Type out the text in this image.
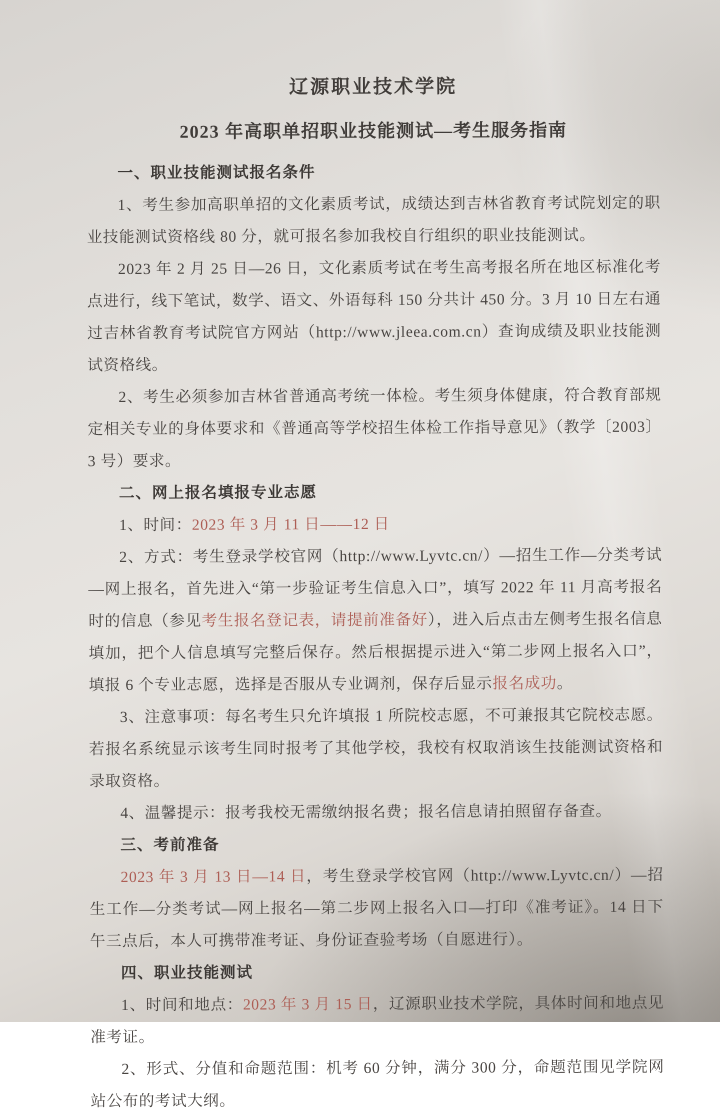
辽源职业技术学院
2023 年高职单招职业技能测试—考生服务指南

一、职业技能测试报名条件

1、考生参加高职单招的文化素质考试，成绩达到吉林省教育考试院划定的职业技能测试资格线 80 分，就可报名参加我校自行组织的职业技能测试。

2023 年 2 月 25 日—26 日，文化素质考试在考生高考报名所在地区标准化考点进行，线下笔试，数学、语文、外语每科 150 分共计 450 分。3 月 10 日左右通过吉林省教育考试院官方网站（http://www.jleea.com.cn）查询成绩及职业技能测试资格线。

2、考生必须参加吉林省普通高考统一体检。考生须身体健康，符合教育部规定相关专业的身体要求和《普通高等学校招生体检工作指导意见》（教学〔2003〕3 号）要求。

二、网上报名填报专业志愿

1、时间：2023 年 3 月 11 日——12 日

2、方式：考生登录学校官网（http://www.Lyvtc.cn/）—招生工作—分类考试—网上报名，首先进入“第一步验证考生信息入口”，填写 2022 年 11 月高考报名时的信息（参见考生报名登记表，请提前准备好），进入后点击左侧考生报名信息填加，把个人信息填写完整后保存。然后根据提示进入“第二步网上报名入口”，填报 6 个专业志愿，选择是否服从专业调剂，保存后显示报名成功。

3、注意事项：每名考生只允许填报 1 所院校志愿，不可兼报其它院校志愿。若报名系统显示该考生同时报考了其他学校，我校有权取消该生技能测试资格和录取资格。

4、温馨提示：报考我校无需缴纳报名费；报名信息请拍照留存备查。

三、考前准备

2023 年 3 月 13 日—14 日，考生登录学校官网（http://www.Lyvtc.cn/）—招生工作—分类考试—网上报名—第二步网上报名入口—打印《准考证》。14 日下午三点后，本人可携带准考证、身份证查验考场（自愿进行）。

四、职业技能测试

1、时间和地点：2023 年 3 月 15 日，辽源职业技术学院，具体时间和地点见准考证。

2、形式、分值和命题范围：机考 60 分钟，满分 300 分，命题范围见学院网站公布的考试大纲。
